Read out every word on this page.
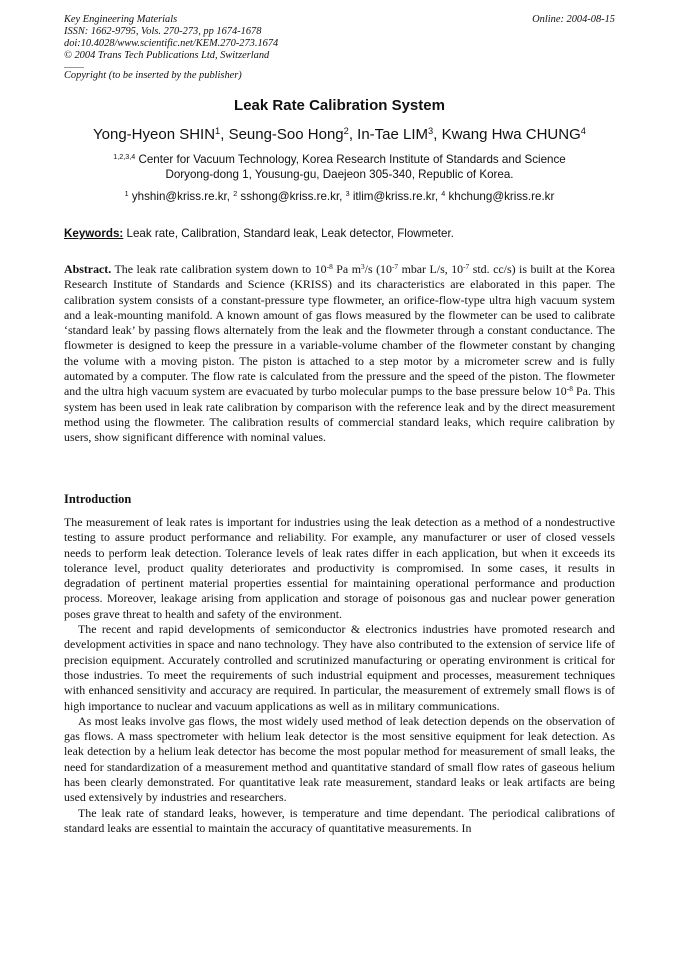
Key Engineering Materials
ISSN: 1662-9795, Vols. 270-273, pp 1674-1678
doi:10.4028/www.scientific.net/KEM.270-273.1674
© 2004 Trans Tech Publications Ltd, Switzerland
Online: 2004-08-15
Copyright (to be inserted by the publisher)
Leak Rate Calibration System
Yong-Hyeon SHIN$^1$, Seung-Soo Hong$^2$, In-Tae LIM$^3$, Kwang Hwa CHUNG$^4$
$^{1,2,3,4}$ Center for Vacuum Technology, Korea Research Institute of Standards and Science
Doryong-dong 1, Yousung-gu, Daejeon 305-340, Republic of Korea.
$^1$ yhshin@kriss.re.kr, $^2$ sshong@kriss.re.kr, $^3$ itlim@kriss.re.kr, $^4$ khchung@kriss.re.kr
Keywords: Leak rate, Calibration, Standard leak, Leak detector, Flowmeter.
Abstract. The leak rate calibration system down to $10^{-8}$ Pa $m^3/s$ ($10^{-7}$ mbar L/s, $10^{-7}$ std. cc/s) is built at the Korea Research Institute of Standards and Science (KRISS) and its characteristics are elaborated in this paper. The calibration system consists of a constant-pressure type flowmeter, an orifice-flow-type ultra high vacuum system and a leak-mounting manifold. A known amount of gas flows measured by the flowmeter can be used to calibrate ‘standard leak’ by passing flows alternately from the leak and the flowmeter through a constant conductance. The flowmeter is designed to keep the pressure in a variable-volume chamber of the flowmeter constant by changing the volume with a moving piston. The piston is attached to a step motor by a micrometer screw and is fully automated by a computer. The flow rate is calculated from the pressure and the speed of the piston. The flowmeter and the ultra high vacuum system are evacuated by turbo molecular pumps to the base pressure below $10^{-8}$ Pa. This system has been used in leak rate calibration by comparison with the reference leak and by the direct measurement method using the flowmeter. The calibration results of commercial standard leaks, which require calibration by users, show significant difference with nominal values.
Introduction

The measurement of leak rates is important for industries using the leak detection as a method of a nondestructive testing to assure product performance and reliability. For example, any manufacturer or user of closed vessels needs to perform leak detection. Tolerance levels of leak rates differ in each application, but when it exceeds its tolerance level, product quality deteriorates and productivity is compromised. In some cases, it results in degradation of pertinent material properties essential for maintaining operational performance and production process. Moreover, leakage arising from application and storage of poisonous gas and nuclear power generation poses grave threat to health and safety of the environment.

The recent and rapid developments of semiconductor & electronics industries have promoted research and development activities in space and nano technology. They have also contributed to the extension of service life of precision equipment. Accurately controlled and scrutinized manufacturing or operating environment is critical for those industries. To meet the requirements of such industrial equipment and processes, measurement techniques with enhanced sensitivity and accuracy are required. In particular, the measurement of extremely small flows is of high importance to nuclear and vacuum applications as well as in military communications.

As most leaks involve gas flows, the most widely used method of leak detection depends on the observation of gas flows. A mass spectrometer with helium leak detector is the most sensitive equipment for leak detection. As leak detection by a helium leak detector has become the most popular method for measurement of small leaks, the need for standardization of a measurement method and quantitative standard of small flow rates of gaseous helium has been clearly demonstrated. For quantitative leak rate measurement, standard leaks or leak artifacts are being used extensively by industries and researchers.

The leak rate of standard leaks, however, is temperature and time dependant. The periodical calibrations of standard leaks are essential to maintain the accuracy of quantitative measurements. In
